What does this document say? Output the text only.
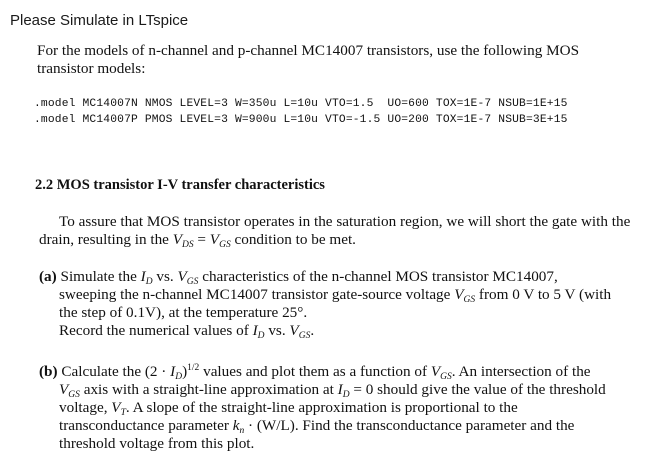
Please Simulate in LTspice
For the models of n-channel and p-channel MC14007 transistors, use the following MOS
transistor models:
.model MC14007N NMOS LEVEL=3 W=350u L=10u VTO=1.5  UO=600 TOX=1E-7 NSUB=1E+15
.model MC14007P PMOS LEVEL=3 W=900u L=10u VTO=-1.5 UO=200 TOX=1E-7 NSUB=3E+15
2.2 MOS transistor I-V transfer characteristics
To assure that MOS transistor operates in the saturation region, we will short the gate with the drain, resulting in the $V_{DS} = V_{GS}$ condition to be met.
(a) Simulate the $I_D$ vs. $V_{GS}$ characteristics of the n-channel MOS transistor MC14007,
sweeping the n-channel MC14007 transistor gate-source voltage $V_{GS}$ from 0 V to 5 V (with
the step of 0.1V), at the temperature 25°.
Record the numerical values of $I_D$ vs. $V_{GS}$.
(b) Calculate the $(2 \cdot I_D)^{1/2}$ values and plot them as a function of $V_{GS}$. An intersection of the
$V_{GS}$ axis with a straight-line approximation at $I_D = 0$ should give the value of the threshold
voltage, $V_T$. A slope of the straight-line approximation is proportional to the
transconductance parameter $k_n \cdot (W/L)$. Find the transconductance parameter and the
threshold voltage from this plot.
